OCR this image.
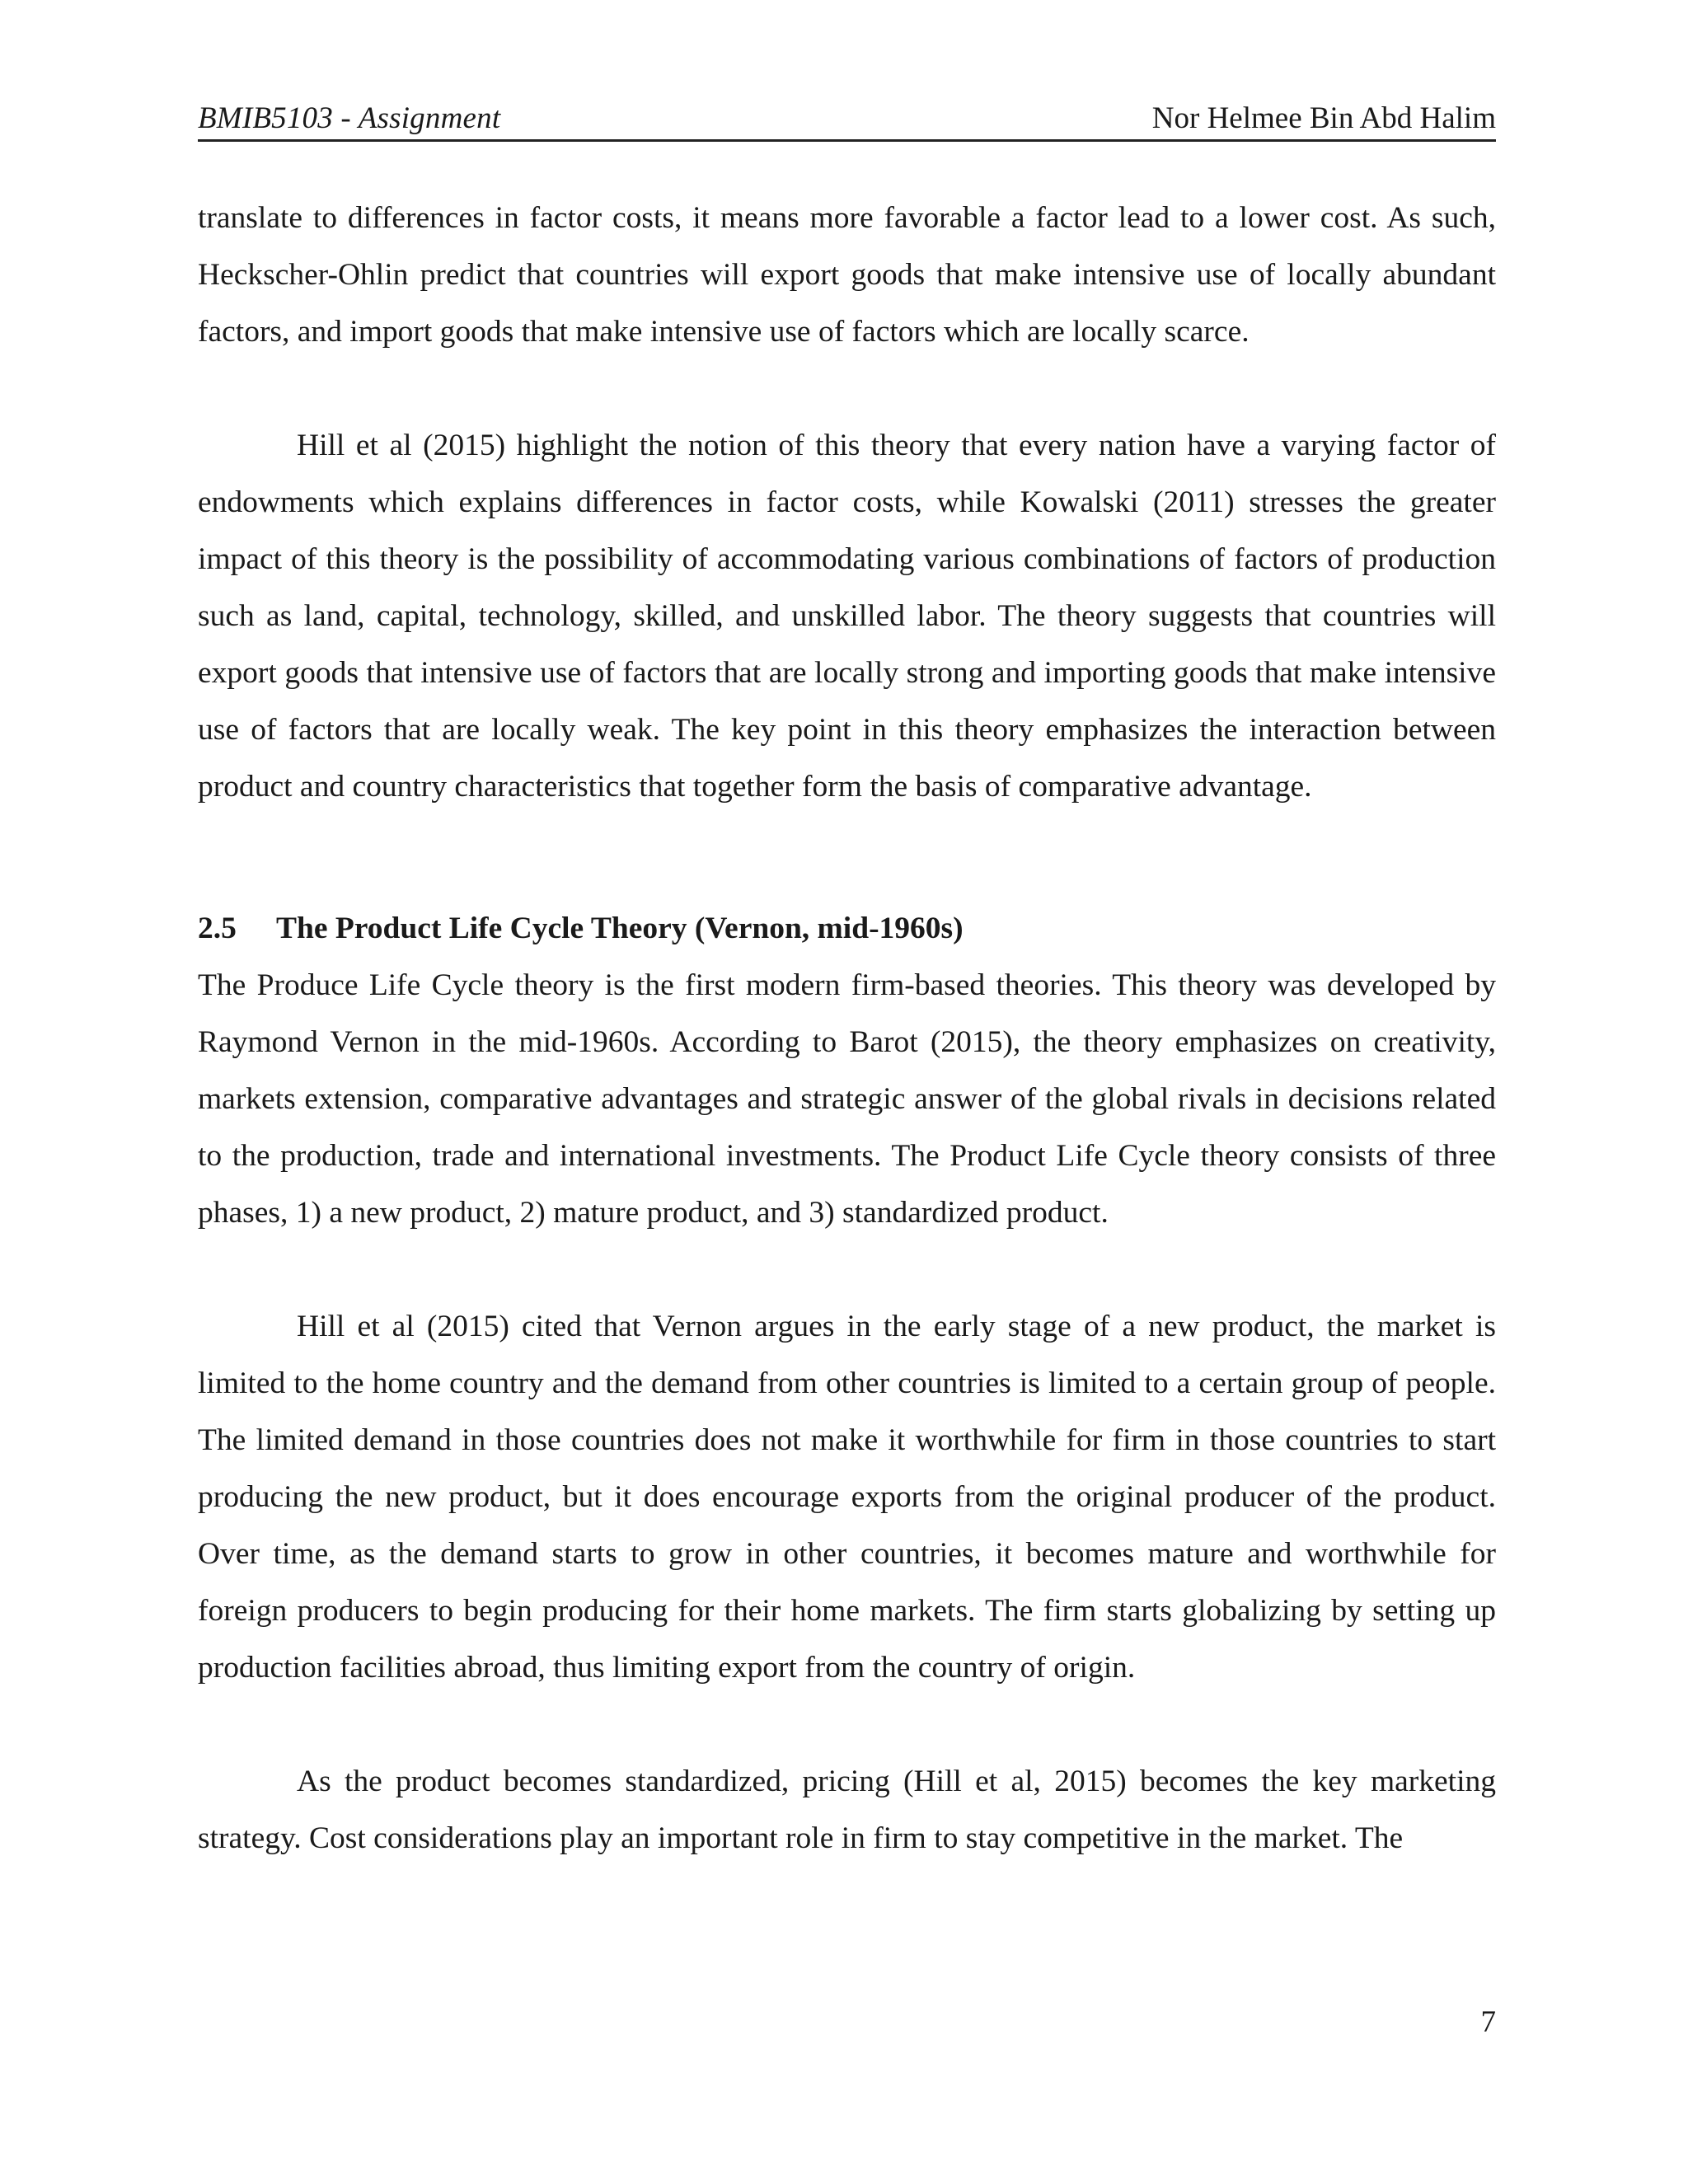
BMIB5103 - Assignment	Nor Helmee Bin Abd Halim

translate to differences in factor costs, it means more favorable a factor lead to a lower cost. As such, Heckscher-Ohlin predict that countries will export goods that make intensive use of locally abundant factors, and import goods that make intensive use of factors which are locally scarce.

Hill et al (2015) highlight the notion of this theory that every nation have a varying factor of endowments which explains differences in factor costs, while Kowalski (2011) stresses the greater impact of this theory is the possibility of accommodating various combinations of factors of production such as land, capital, technology, skilled, and unskilled labor. The theory suggests that countries will export goods that intensive use of factors that are locally strong and importing goods that make intensive use of factors that are locally weak. The key point in this theory emphasizes the interaction between product and country characteristics that together form the basis of comparative advantage.

2.5	The Product Life Cycle Theory (Vernon, mid-1960s)

The Produce Life Cycle theory is the first modern firm-based theories. This theory was developed by Raymond Vernon in the mid-1960s. According to Barot (2015), the theory emphasizes on creativity, markets extension, comparative advantages and strategic answer of the global rivals in decisions related to the production, trade and international investments. The Product Life Cycle theory consists of three phases, 1) a new product, 2) mature product, and 3) standardized product.

Hill et al (2015) cited that Vernon argues in the early stage of a new product, the market is limited to the home country and the demand from other countries is limited to a certain group of people. The limited demand in those countries does not make it worthwhile for firm in those countries to start producing the new product, but it does encourage exports from the original producer of the product. Over time, as the demand starts to grow in other countries, it becomes mature and worthwhile for foreign producers to begin producing for their home markets. The firm starts globalizing by setting up production facilities abroad, thus limiting export from the country of origin.

As the product becomes standardized, pricing (Hill et al, 2015) becomes the key marketing strategy. Cost considerations play an important role in firm to stay competitive in the market. The

7
